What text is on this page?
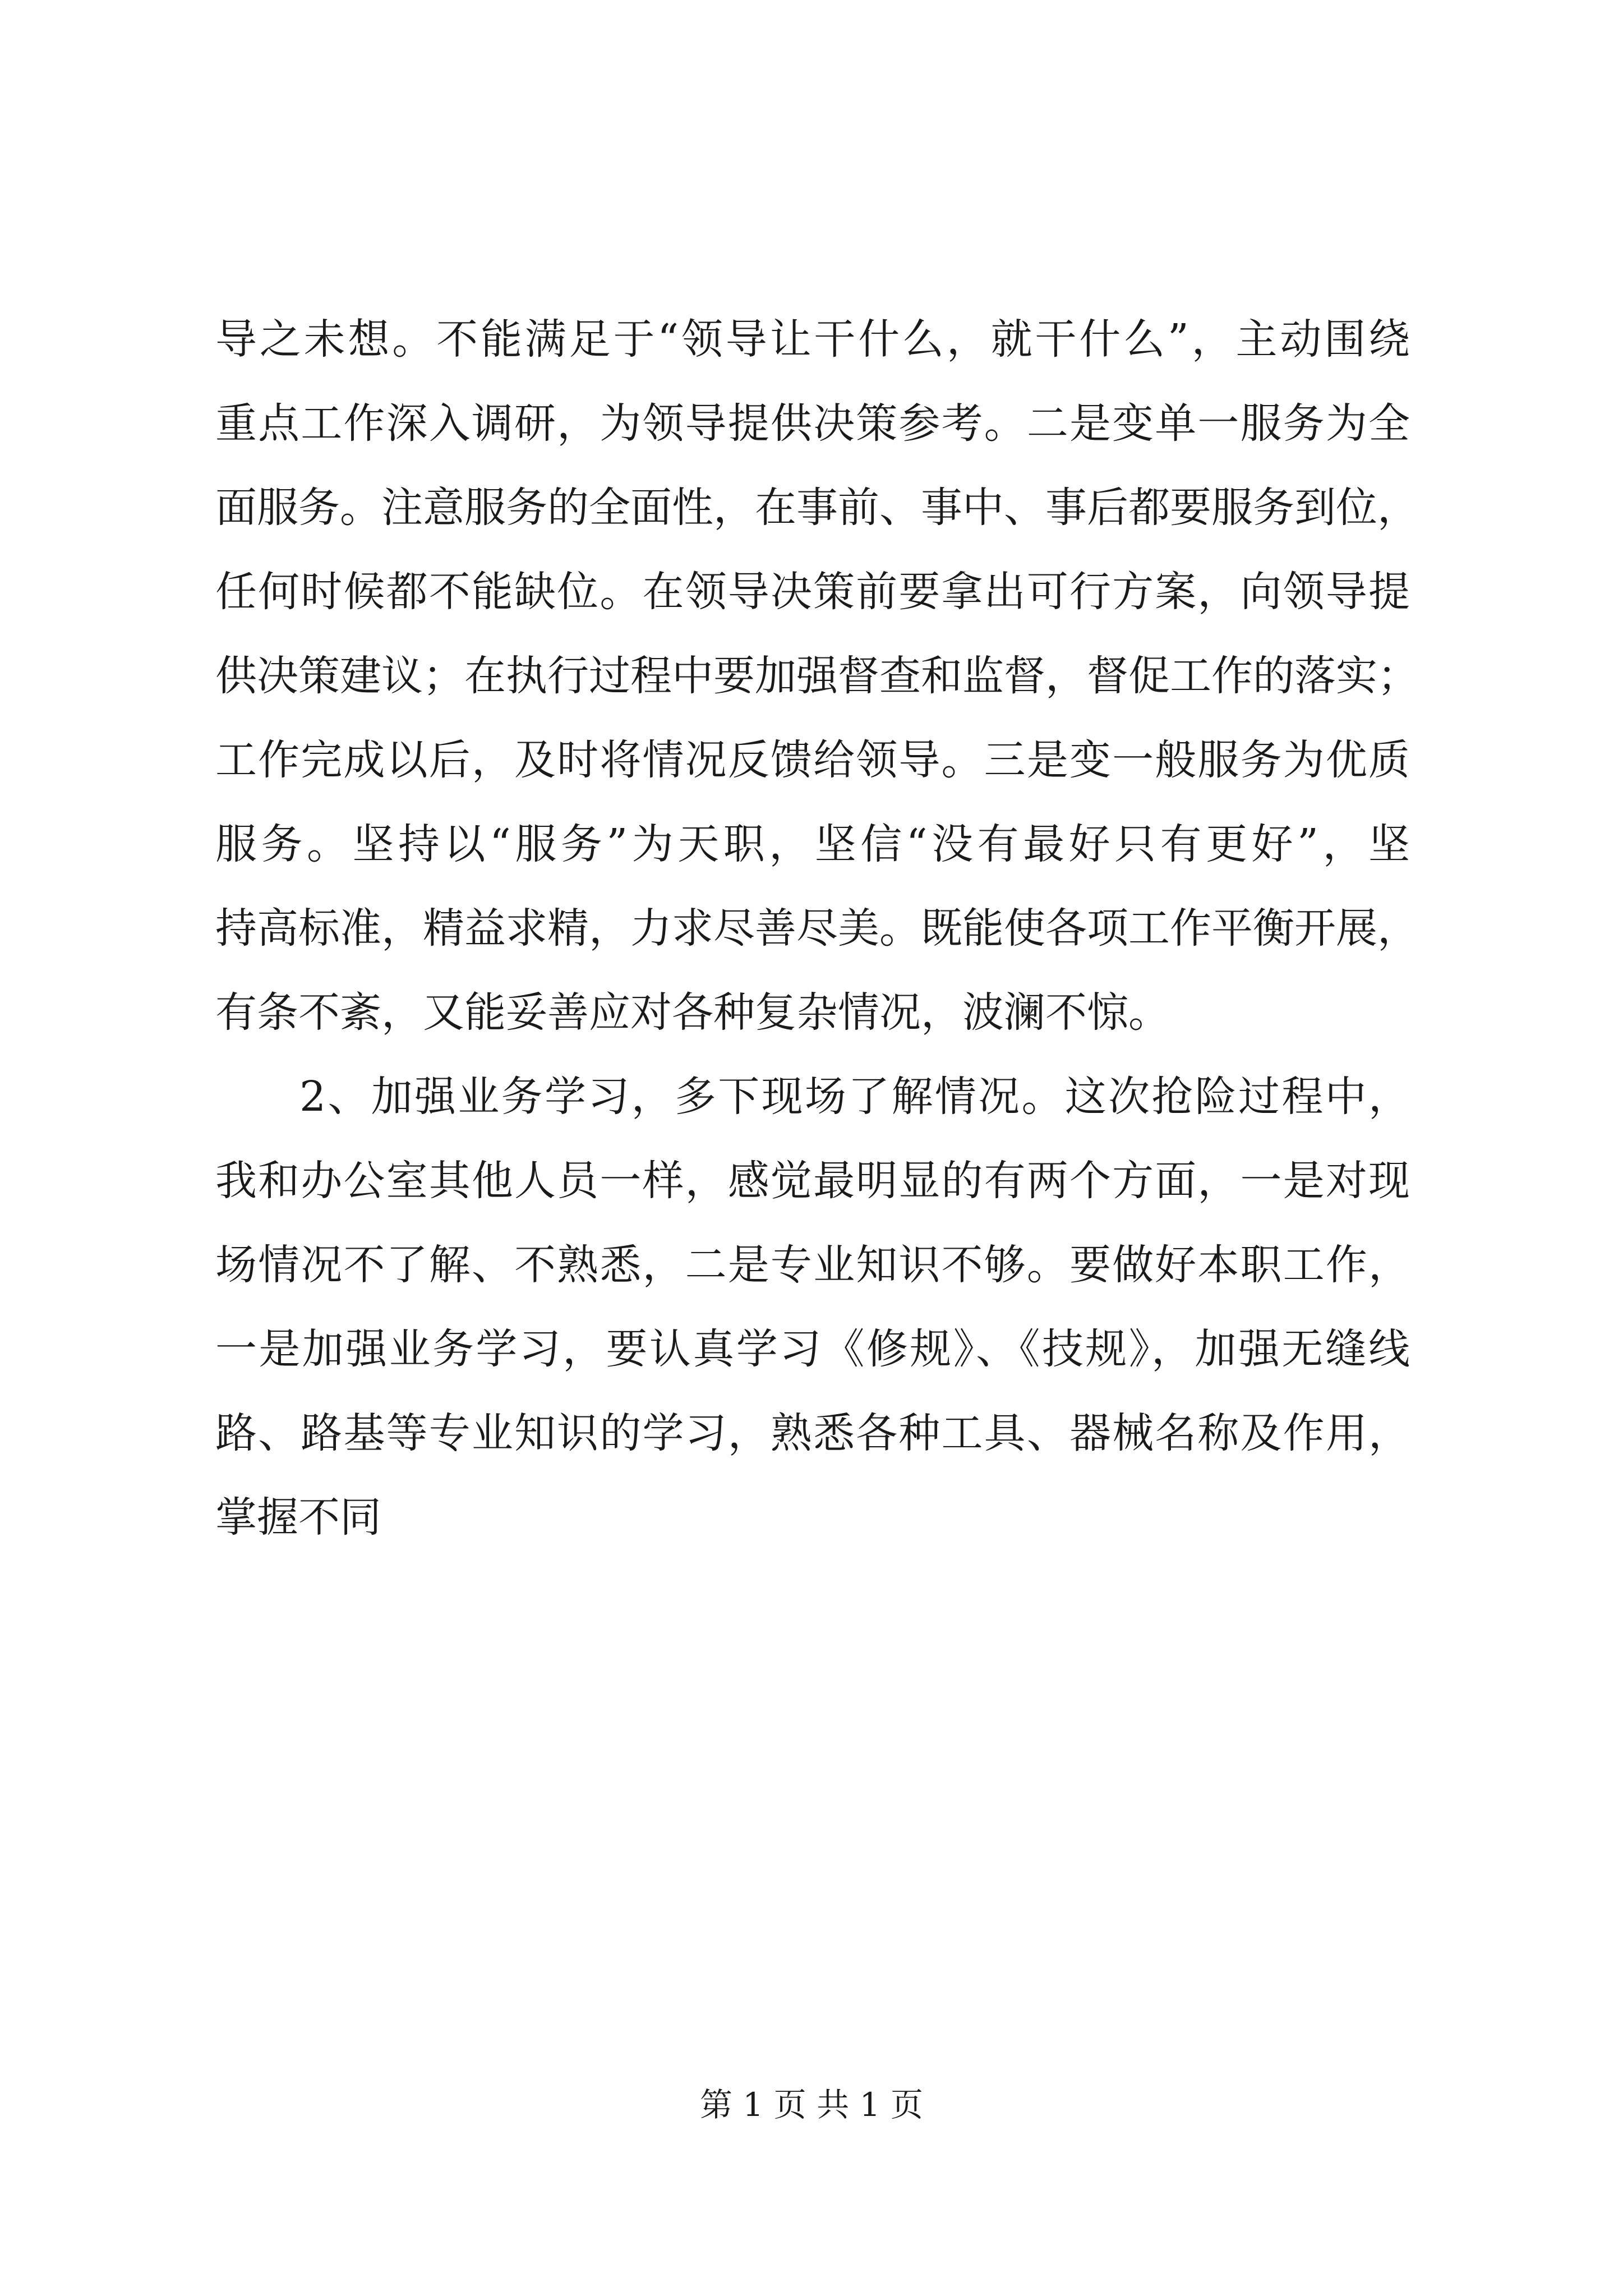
导之未想。不能满足于“领导让干什么，就干什么”，主动围绕
重点工作深入调研，为领导提供决策参考。二是变单一服务为全
面服务。注意服务的全面性，在事前、事中、事后都要服务到位，
任何时候都不能缺位。在领导决策前要拿出可行方案，向领导提
供决策建议；在执行过程中要加强督查和监督，督促工作的落实；
工作完成以后，及时将情况反馈给领导。三是变一般服务为优质
服务。坚持以“服务”为天职，坚信“没有最好只有更好”，坚
持高标准，精益求精，力求尽善尽美。既能使各项工作平衡开展，
有条不紊，又能妥善应对各种复杂情况，波澜不惊。
2、加强业务学习，多下现场了解情况。这次抢险过程中，
我和办公室其他人员一样，感觉最明显的有两个方面，一是对现
场情况不了解、不熟悉，二是专业知识不够。要做好本职工作，
一是加强业务学习，要认真学习《修规》、《技规》，加强无缝线
路、路基等专业知识的学习，熟悉各种工具、器械名称及作用，
掌握不同
第 1 页 共 1 页
